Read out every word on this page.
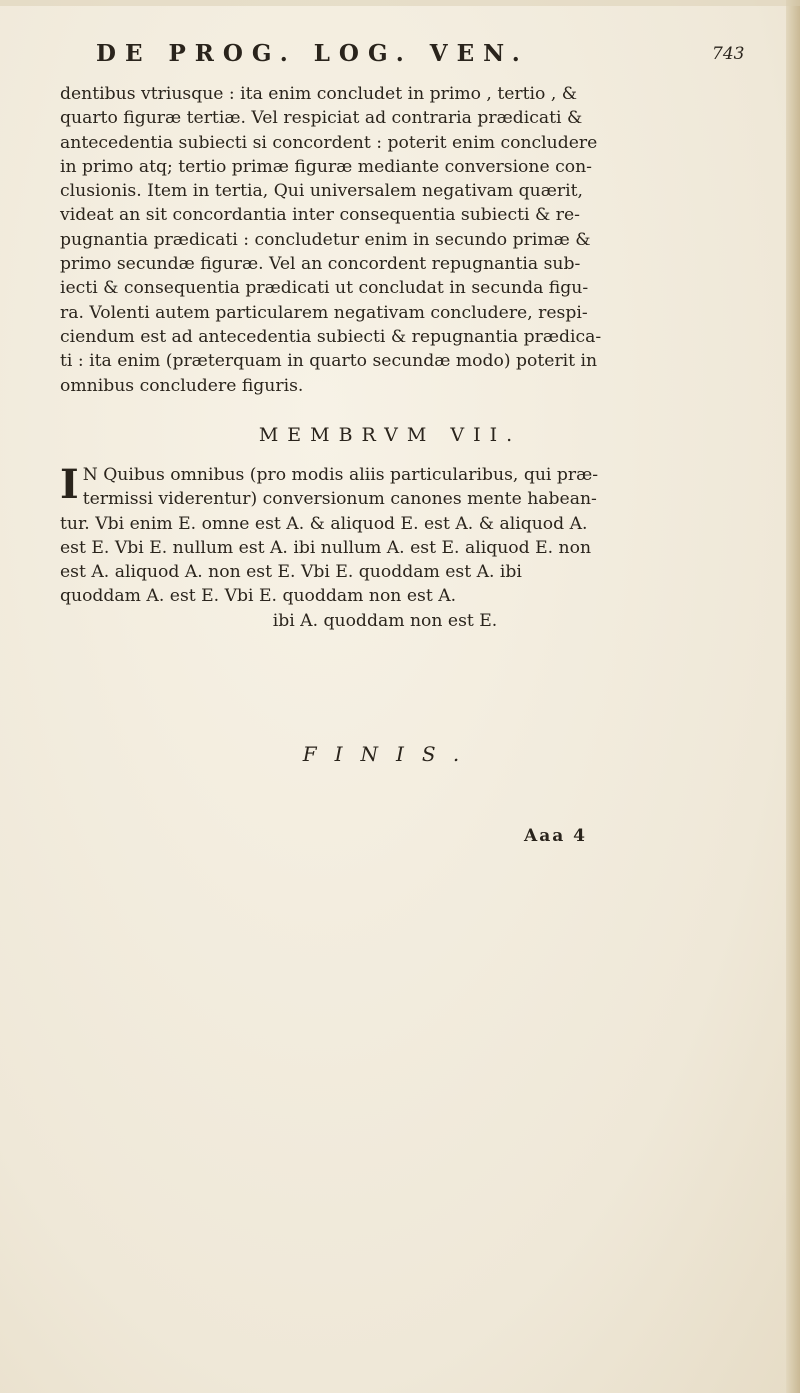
DE PROG. LOG. VEN.	743
dentibus vtriusque : ita enim concludet in primo , tertio , &
quarto figuræ tertiæ. Vel respiciat ad contraria prædicati &
antecedentia subiecti si concordent : poterit enim concludere
in primo atq; tertio primæ figuræ mediante conversione con-
clusionis. Item in tertia, Qui universalem negativam quærit,
videat an sit concordantia inter consequentia subiecti & re-
pugnantia prædicati : concludetur enim in secundo primæ &
primo secundæ figuræ. Vel an concordent repugnantia sub-
iecti & consequentia prædicati ut concludat in secunda figu-
ra. Volenti autem particularem negativam concludere, respi-
ciendum est ad antecedentia subiecti & repugnantia prædica-
ti : ita enim (præterquam in quarto secundæ modo) poterit in
omnibus concludere figuris.
MEMBRVM VII.
I N Quibus omnibus (pro modis aliis particularibus, qui præ-
termissi viderentur) conversionum canones mente habean-
tur. Vbi enim E. omne est A. & aliquod E. est A. & aliquod A.
est E. Vbi E. nullum est A. ibi nullum A. est E. aliquod E. non
est A. aliquod A. non est E. Vbi E. quoddam est A. ibi
quoddam A. est E. Vbi E. quoddam non est A.
ibi A. quoddam non est E.
FINIS.
Aaa 4
